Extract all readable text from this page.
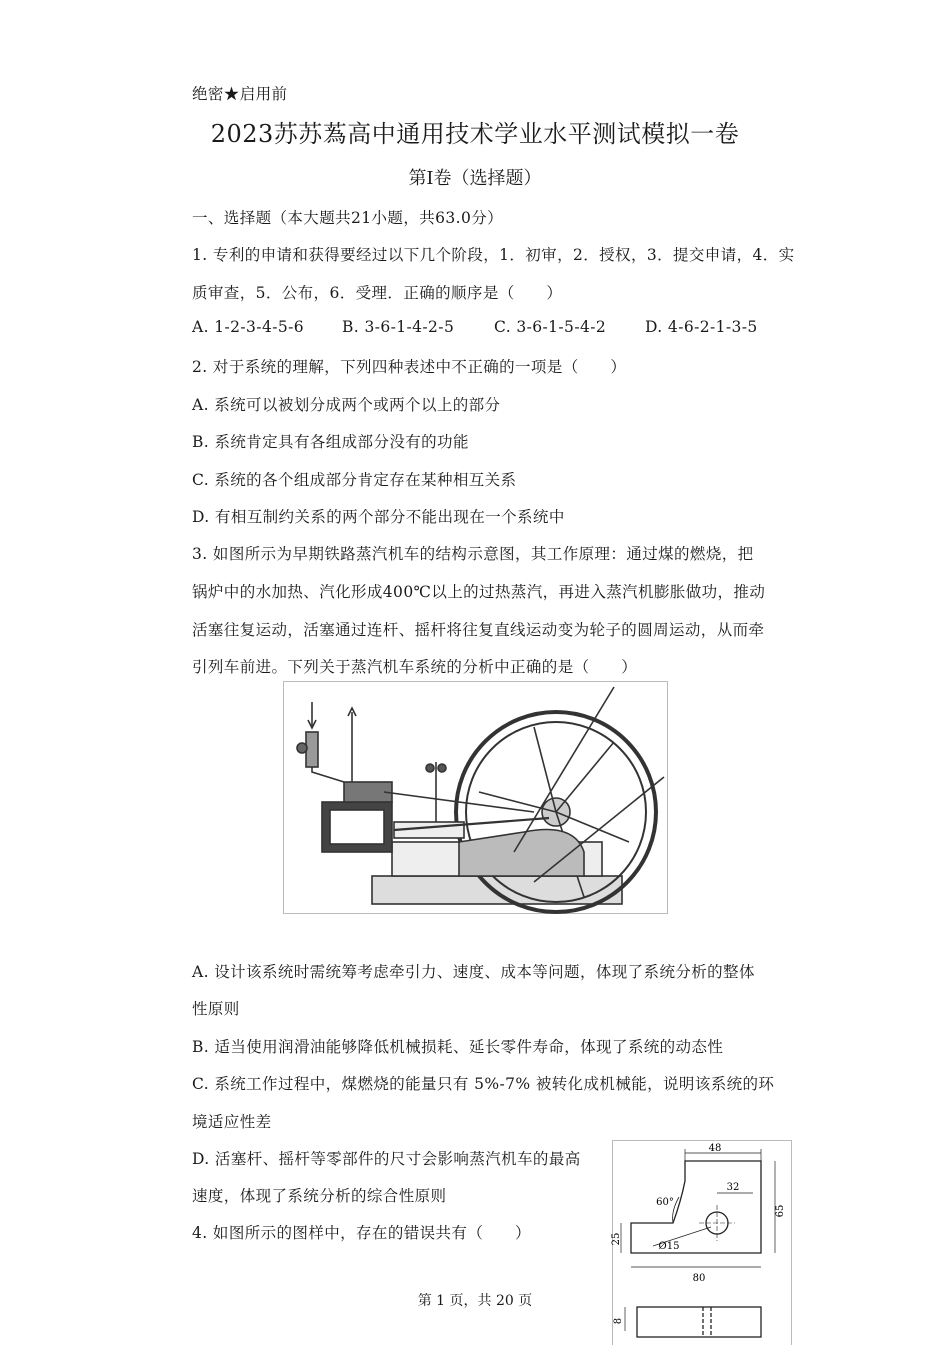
绝密★启用前
2023苏苏蒍高中通用技术学业水平测试模拟一卷
第Ⅰ卷（选择题）
一、选择题（本大题共21小题，共63.0分）
1. 专利的申请和获得要经过以下几个阶段，1．初审，2．授权，3．提交申请，4．实
质审查，5．公布，6．受理．正确的顺序是（　　）
A. 1-2-3-4-5-6 B. 3-6-1-4-2-5	C. 3-6-1-5-4-2	D. 4-6-2-1-3-5
2. 对于系统的理解，下列四种表述中不正确的一项是（　　）
A. 系统可以被划分成两个或两个以上的部分
B. 系统肯定具有各组成部分没有的功能
C. 系统的各个组成部分肯定存在某种相互关系
D. 有相互制约关系的两个部分不能出现在一个系统中
3. 如图所示为早期铁路蒸汽机车的结构示意图，其工作原理：通过煤的燃烧，把
锅炉中的水加热、汽化形成400℃以上的过热蒸汽，再进入蒸汽机膨胀做功，推动
活塞往复运动，活塞通过连杆、摇杆将往复直线运动变为轮子的圆周运动，从而牵
引列车前进。下列关于蒸汽机车系统的分析中正确的是（　　）
A. 设计该系统时需统筹考虑牵引力、速度、成本等问题，体现了系统分析的整体
性原则
B. 适当使用润滑油能够降低机械损耗、延长零件寿命，体现了系统的动态性
C. 系统工作过程中，煤燃烧的能量只有 5%-7% 被转化成机械能，说明该系统的环
境适应性差
D. 活塞杆、摇杆等零部件的尺寸会影响蒸汽机车的最高
速度，体现了系统分析的综合性原则
4. 如图所示的图样中，存在的错误共有（　　）
48
32
65
25
60°
Ø15
80
8
第 1 页，共 20 页
